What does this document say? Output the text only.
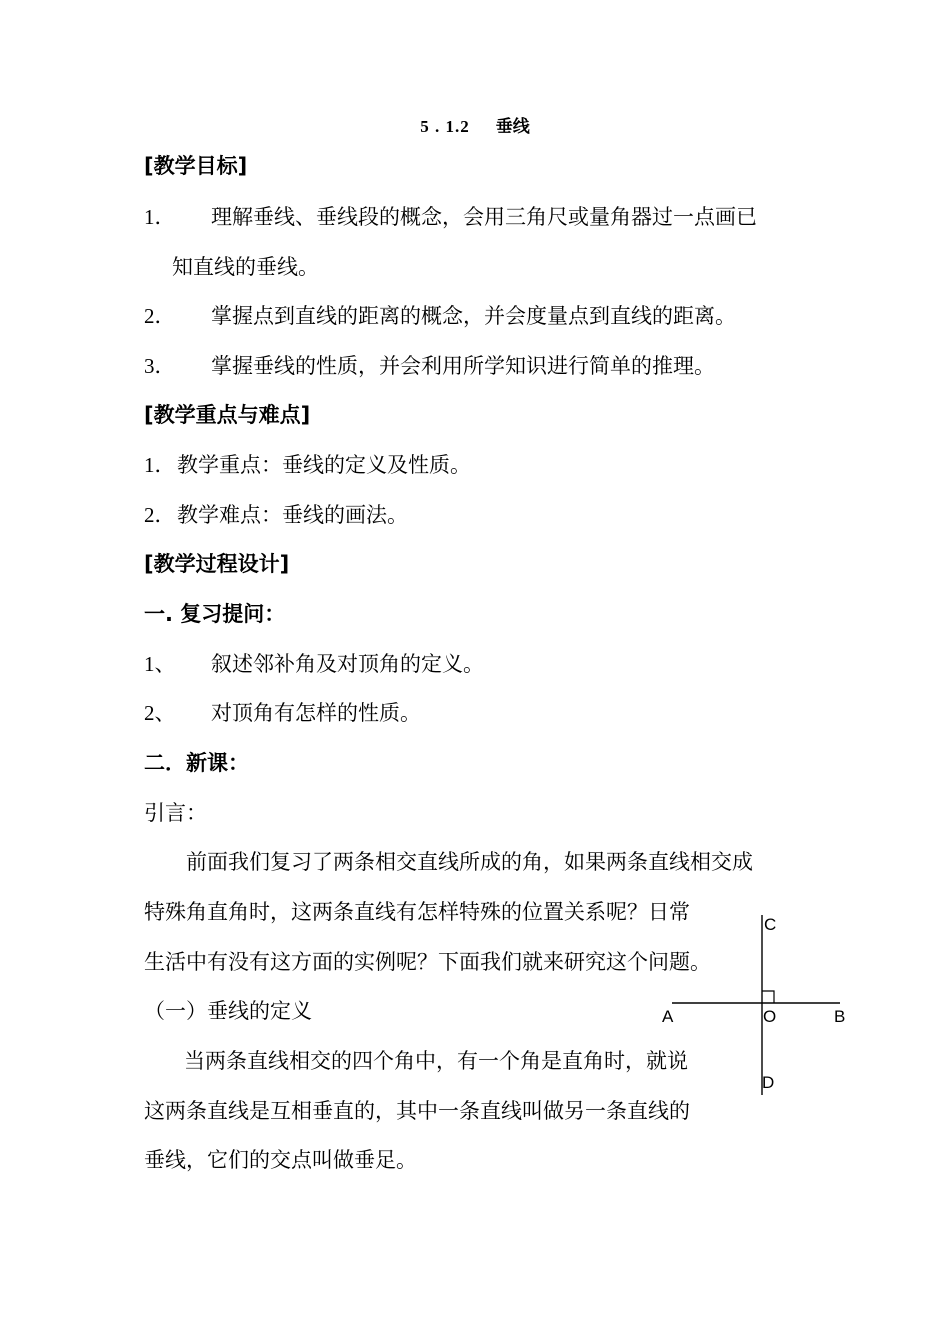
5 . 1.2 垂线
[教学目标]
1． 理解垂线、垂线段的概念，会用三角尺或量角器过一点画已
知直线的垂线。
2． 掌握点到直线的距离的概念，并会度量点到直线的距离。
3． 掌握垂线的性质，并会利用所学知识进行简单的推理。
[教学重点与难点]
1． 教学重点：垂线的定义及性质。
2． 教学难点：垂线的画法。
[教学过程设计]
一. 复习提问：
1、 叙述邻补角及对顶角的定义。
2、 对顶角有怎样的性质。
二．新课：
引言：
前面我们复习了两条相交直线所成的角，如果两条直线相交成
特殊角直角时，这两条直线有怎样特殊的位置关系呢？日常
生活中有没有这方面的实例呢？下面我们就来研究这个问题。
（一）垂线的定义
当两条直线相交的四个角中，有一个角是直角时，就说
这两条直线是互相垂直的，其中一条直线叫做另一条直线的
垂线，它们的交点叫做垂足。
C
A	O	B
D
